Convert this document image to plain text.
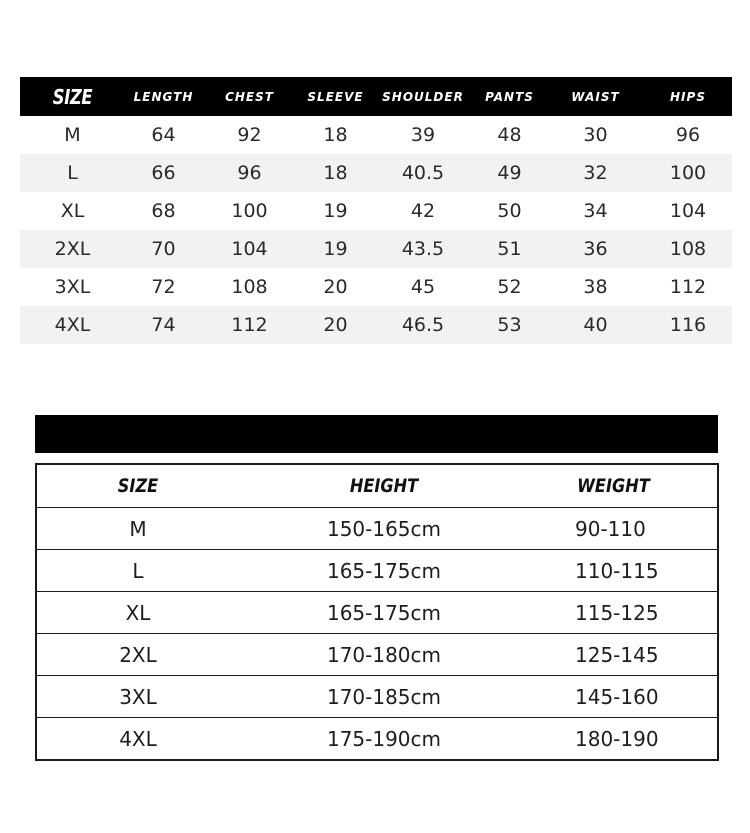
SIZE	LENGTH	CHEST	SLEEVE	SHOULDER	PANTS	WAIST	HIPS
M	64	92	18	39	48	30	96
L	66	96	18	40.5	49	32	100
XL	68	100	19	42	50	34	104
2XL	70	104	19	43.5	51	36	108
3XL	72	108	20	45	52	38	112
4XL	74	112	20	46.5	53	40	116
SIZE	HEIGHT	WEIGHT
M	150-165cm	90-110
L	165-175cm	110-115
XL	165-175cm	115-125
2XL	170-180cm	125-145
3XL	170-185cm	145-160
4XL	175-190cm	180-190
